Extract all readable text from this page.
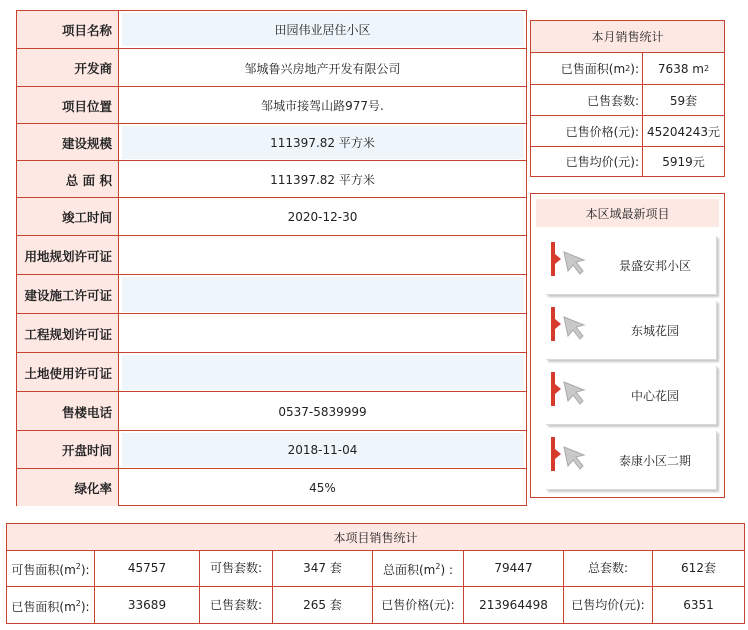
项目名称	田园伟业居住小区
开发商	邹城鲁兴房地产开发有限公司
项目位置	邹城市接驾山路977号.
建设规模	111397.82 平方米
总 面 积	111397.82 平方米
竣工时间	2020-12-30
用地规划许可证
建设施工许可证
工程规划许可证
土地使用许可证
售楼电话	0537-5839999
开盘时间	2018-11-04
绿化率	45%
本月销售统计
已售面积(m 2 ): 7638 m 2
已售套数:	59套
已售价格(元): 45204243元
已售均价(元):	5919元
本区域最新项目
景盛安邦小区
东城花园
中心花园
泰康小区二期
本项目销售统计
可售面积$(m^2)$:	45757	可售套数:	347 套	总面积$(m^2)$ :	79447	总套数:	612套
已售面积$(m^2)$:	33689	已售套数:	265 套	已售价格(元):	213964498	已售均价(元):	6351
